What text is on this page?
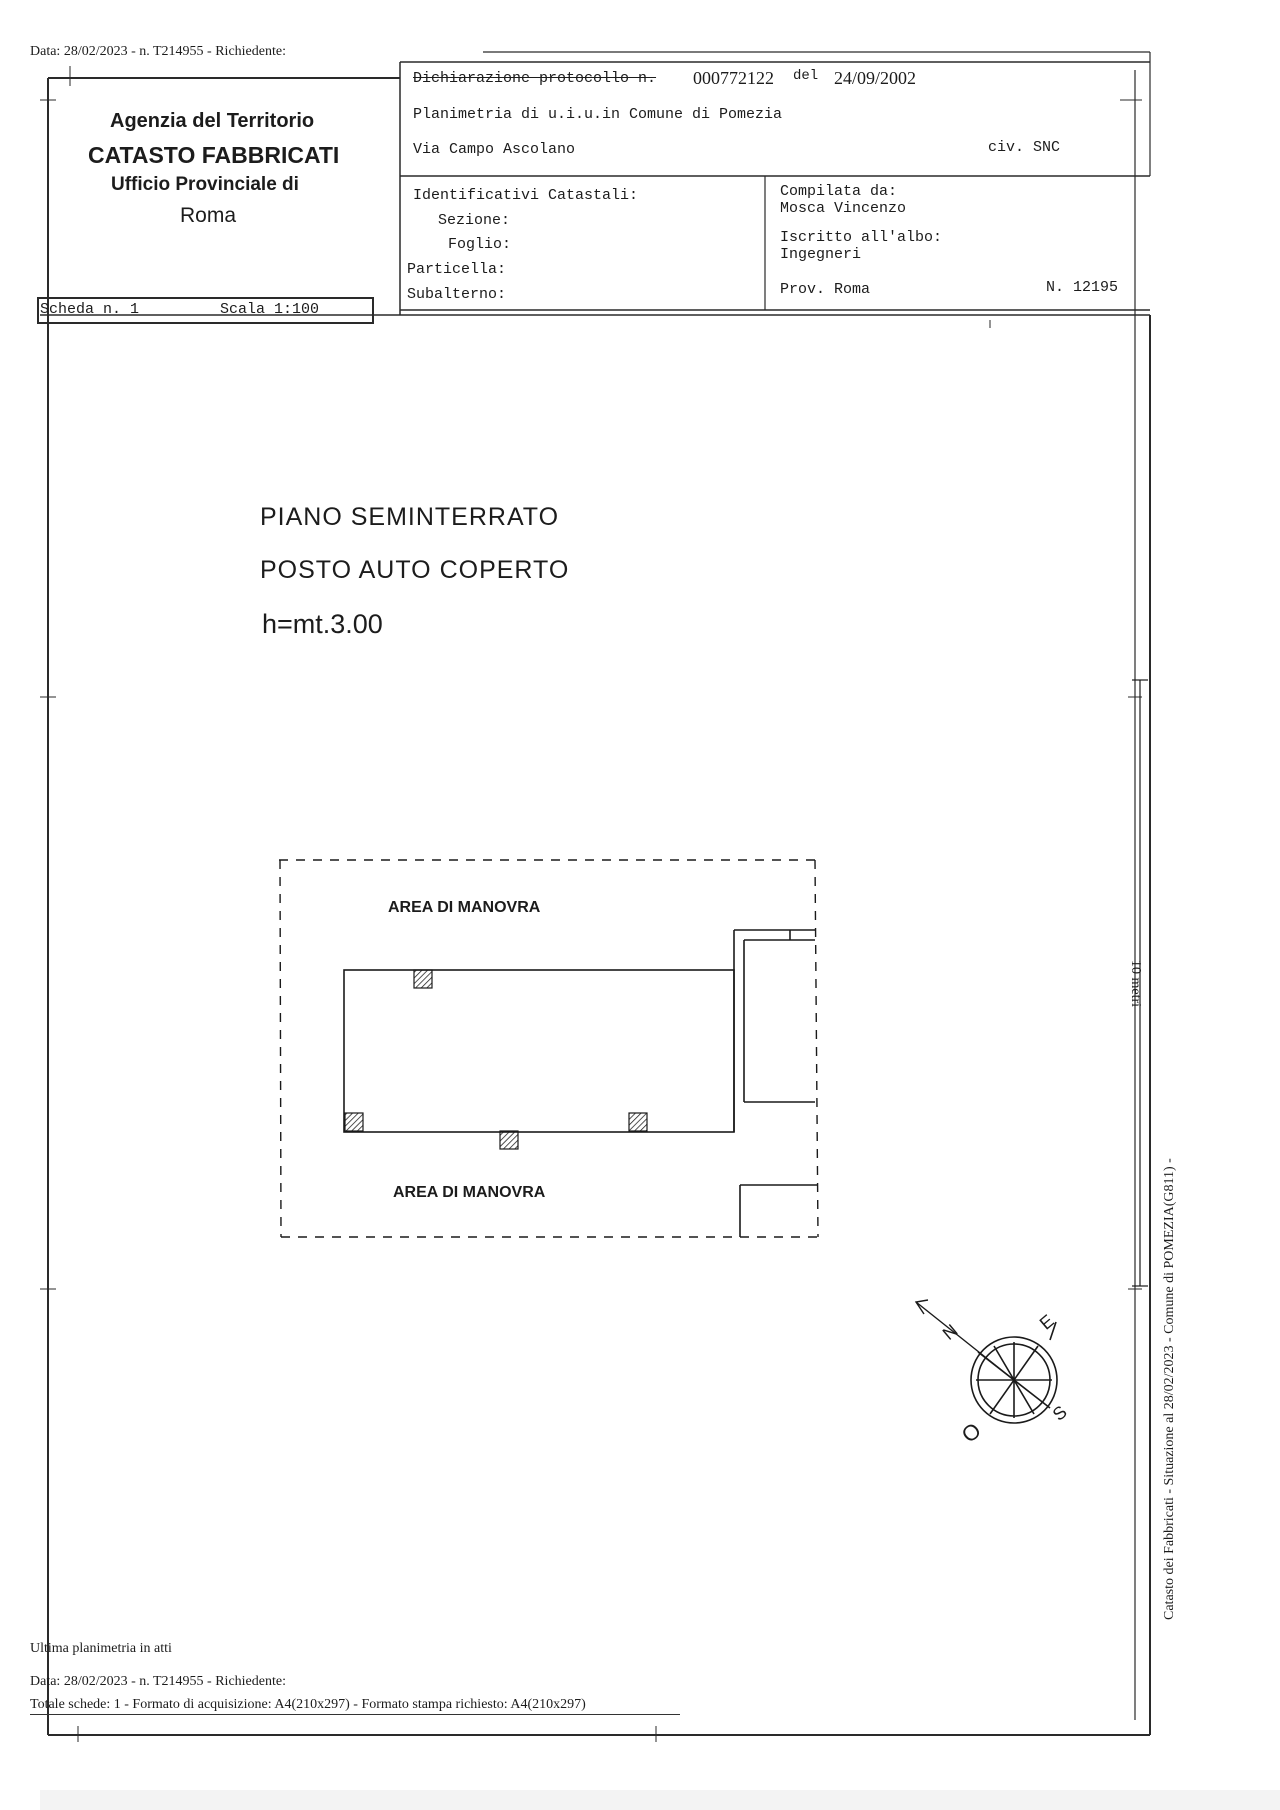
Data: 28/02/2023 - n. T214955 - Richiedente:
Agenzia del Territorio
CATASTO FABBRICATI
Ufficio Provinciale di
Roma
Scheda n. 1	Scala 1:100
Dichiarazione protocollo n. 000772122 del 24/09/2002
Planimetria di u.i.u.in Comune di Pomezia
Via Campo Ascolano	civ. SNC
Identificativi Catastali:
Sezione:
Foglio:
Particella:
Subalterno:
Compilata da:
Mosca Vincenzo
Iscritto all'albo:
Ingegneri
Prov. Roma	N. 12195
PIANO SEMINTERRATO
POSTO AUTO COPERTO
h=mt.3.00
AREA DI MANOVRA
AREA DI MANOVRA
N	E
S
O
10 metri
Catasto dei Fabbricati - Situazione al 28/02/2023 - Comune di POMEZIA(G811) -
Ultima planimetria in atti
Data: 28/02/2023 - n. T214955 - Richiedente:
Totale schede: 1 - Formato di acquisizione: A4(210x297) - Formato stampa richiesto: A4(210x297)
